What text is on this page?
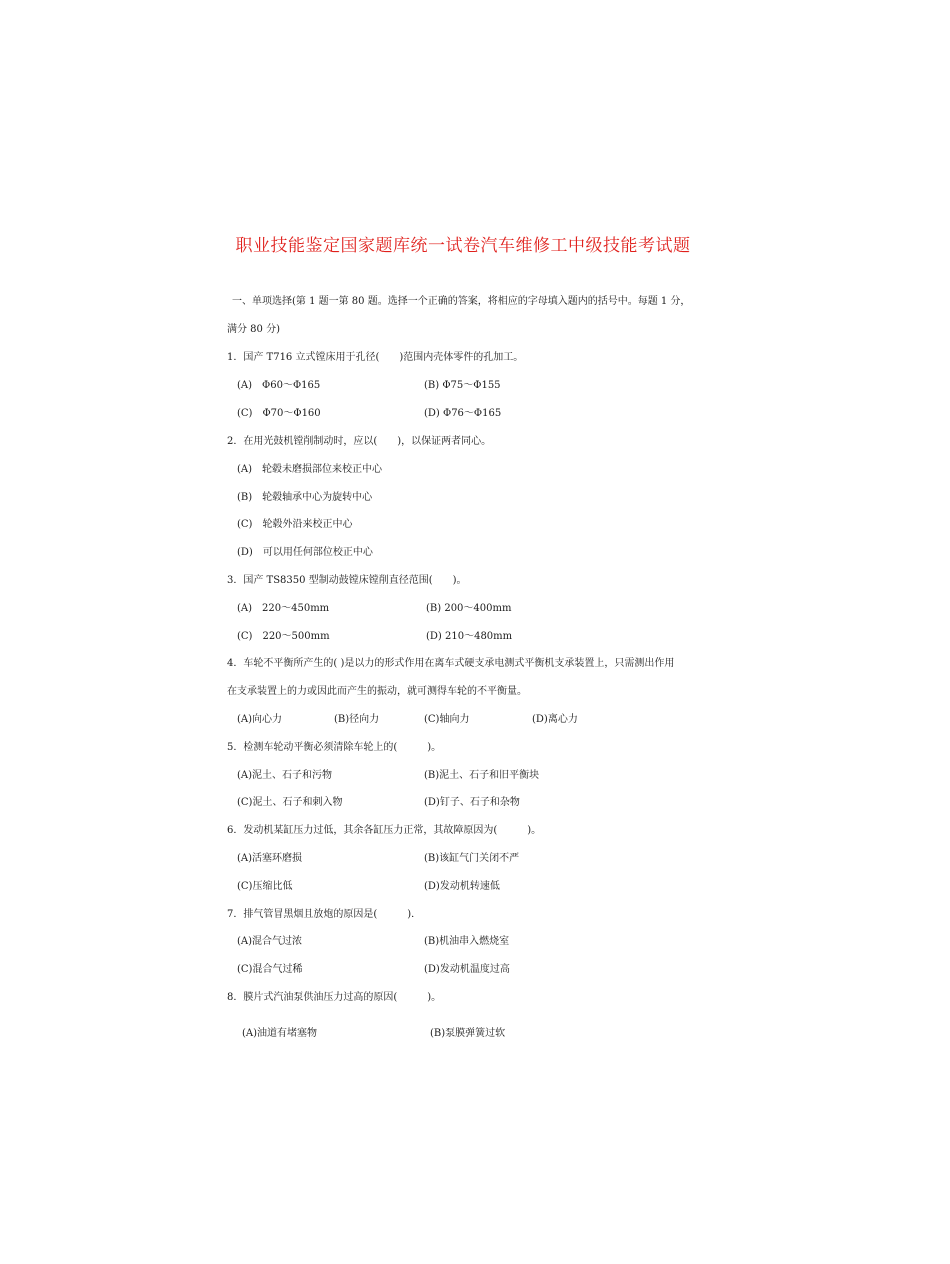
职业技能鉴定国家题库统一试卷汽车维修工中级技能考试题
一、单项选择(第 1 题一第 80 题。选择一个正确的答案，将相应的字母填入题内的括号中。每题 1 分，
满分 80 分)
1．国产 T716 立式镗床用于孔径(　　)范围内壳体零件的孔加工。
(A)　Φ60～Φ165	(B) Φ75～Φ155
(C)　Φ70～Φ160	(D) Φ76～Φ165
2．在用光鼓机镗削制动时，应以(　　)，以保证两者同心。
(A)　轮毂未磨损部位来校正中心
(B)　轮毂轴承中心为旋转中心
(C)　轮毂外沿来校正中心
(D)　可以用任何部位校正中心
3．国产 TS8350 型制动鼓镗床镗削直径范围(　　)。
(A)　220～450mm	(B) 200～400mm
(C)　220～500mm	(D) 210～480mm
4．车轮不平衡所产生的( )是以力的形式作用在离车式硬支承电测式平衡机支承装置上，只需测出作用
在支承装置上的力或因此而产生的振动，就可测得车轮的不平衡量。
(A)向心力	(B)径向力	(C)轴向力	(D)离心力
5．检测车轮动平衡必须清除车轮上的(　　　)。
(A)泥土、石子和污物	(B)泥土、石子和旧平衡块
(C)泥土、石子和刺入物	(D)钉子、石子和杂物
6．发动机某缸压力过低，其余各缸压力正常，其故障原因为(　　　)。
(A)活塞环磨损	(B)该缸气门关闭不严
(C)压缩比低	(D)发动机转速低
7．排气管冒黑烟且放炮的原因是(　　　)．
(A)混合气过浓	(B)机油串入燃烧室
(C)混合气过稀	(D)发动机温度过高
8．膜片式汽油泵供油压力过高的原因(　　　)。
(A)油道有堵塞物	(B)泵膜弹簧过软
